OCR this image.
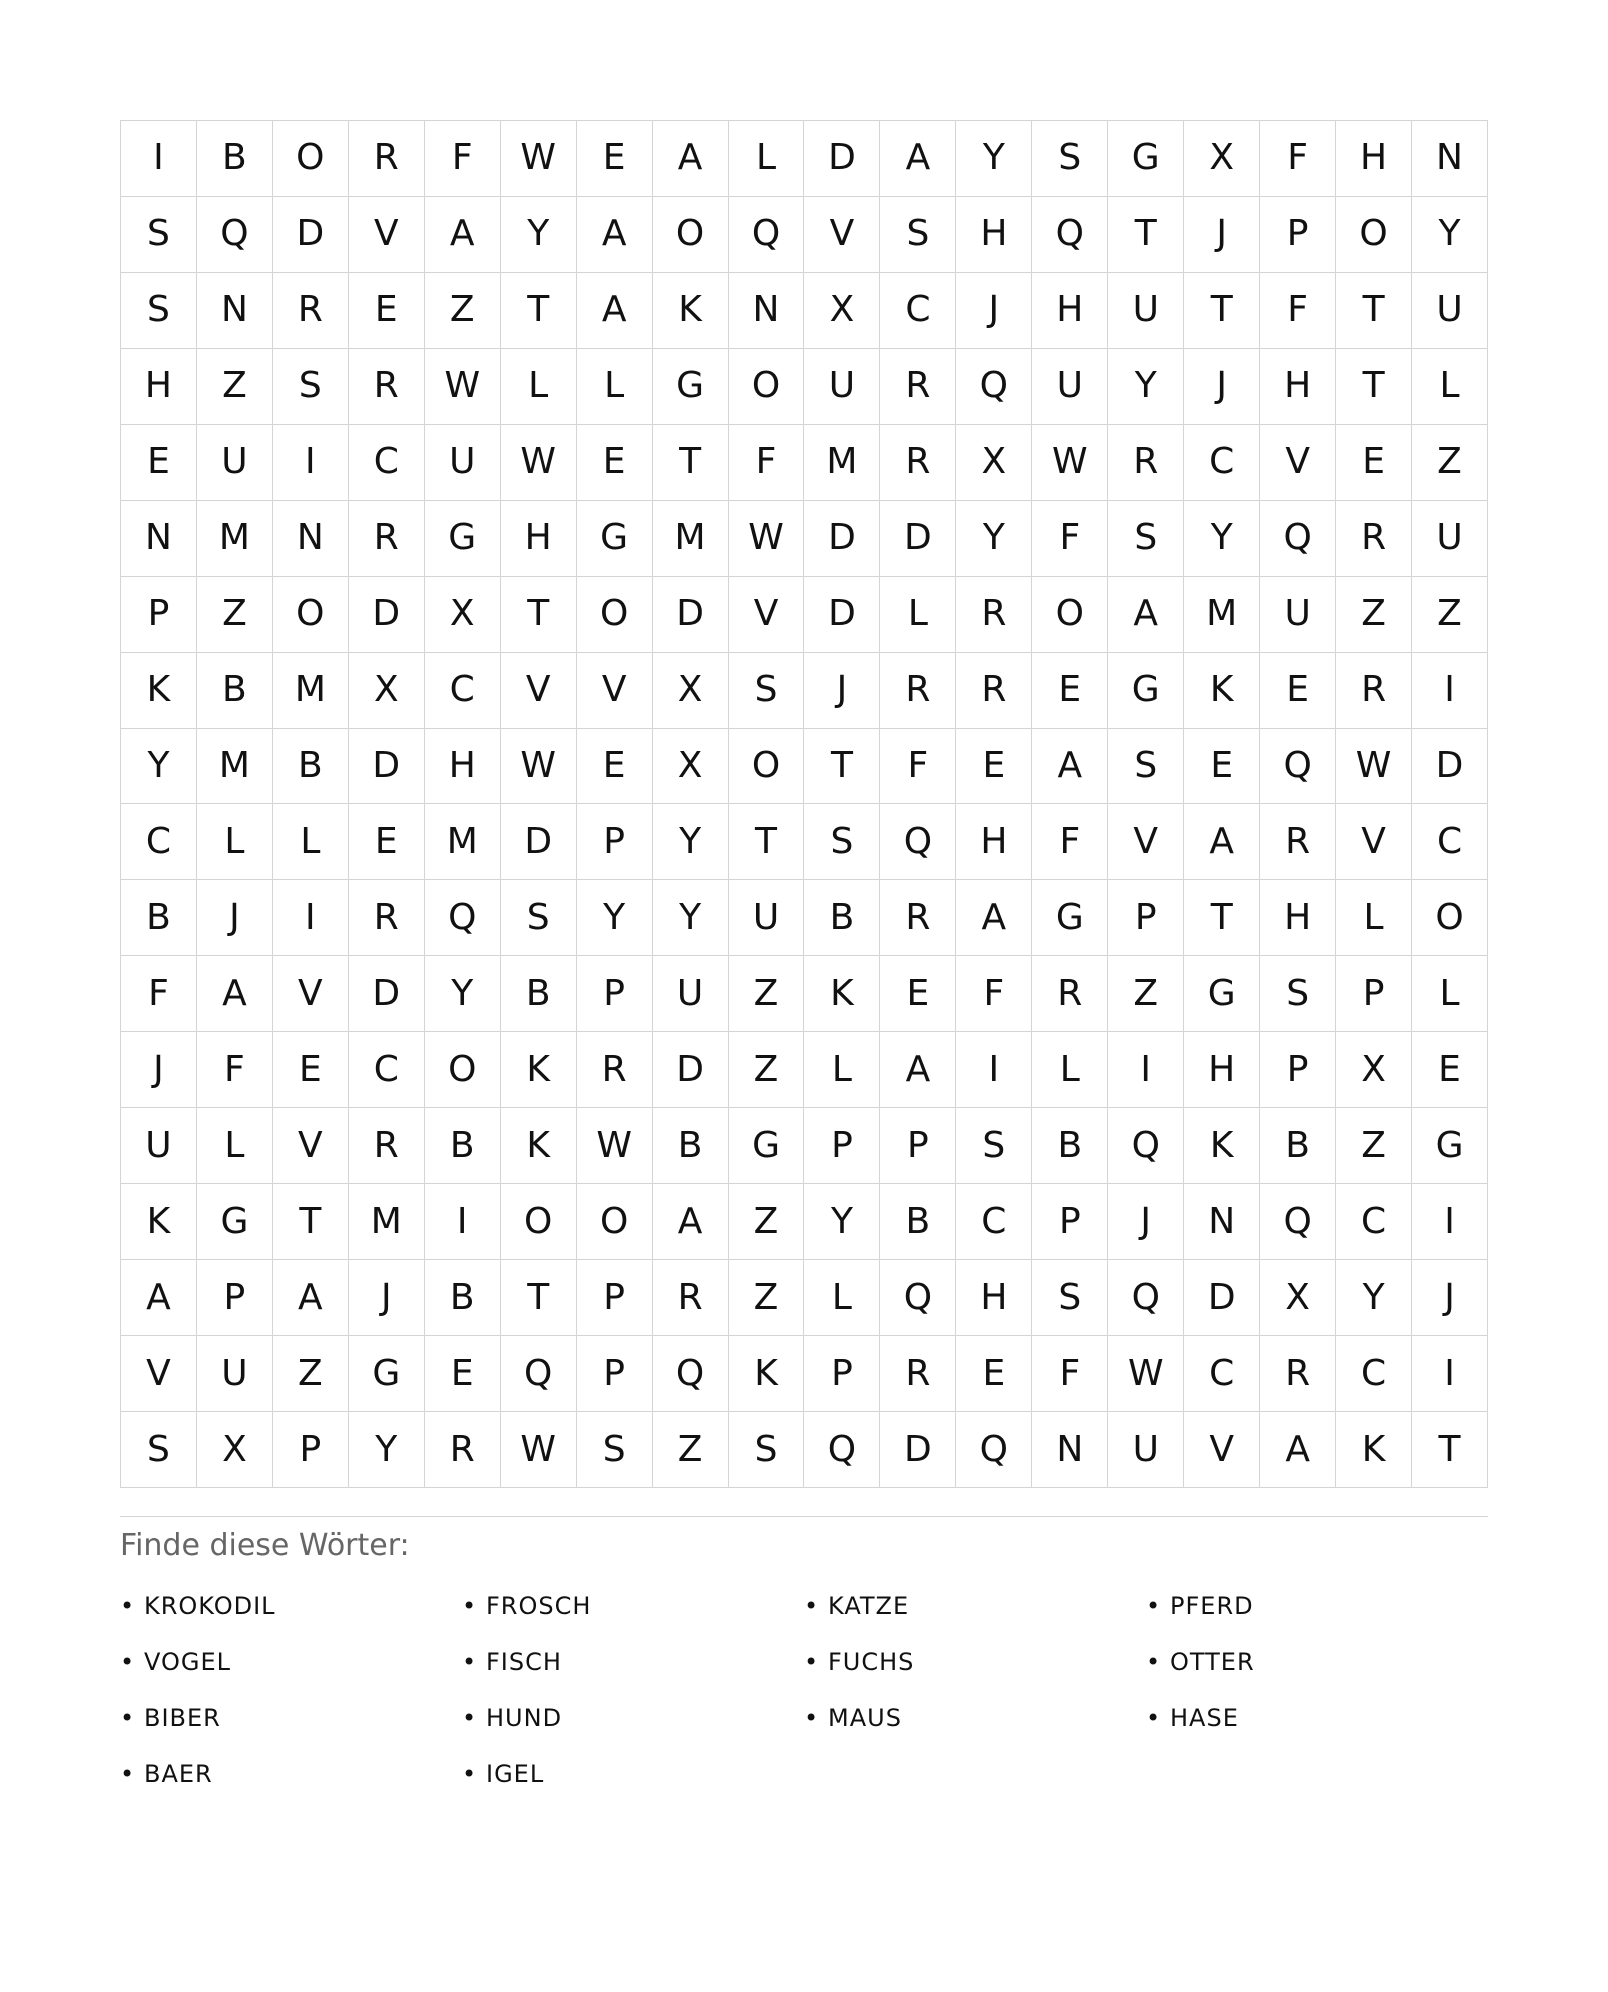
I	B	O	R	F	W	E	A	L	D	A	Y	S	G	X	F	H	N
S	Q	D	V	A	Y	A	O	Q	V	S	H	Q	T	J	P	O	Y
S	N	R	E	Z	T	A	K	N	X	C	J	H	U	T	F	T	U
H	Z	S	R	W	L	L	G	O	U	R	Q	U	Y	J	H	T	L
E	U	I	C	U	W	E	T	F	M	R	X	W	R	C	V	E	Z
N	M	N	R	G	H	G	M	W	D	D	Y	F	S	Y	Q	R	U
P	Z	O	D	X	T	O	D	V	D	L	R	O	A	M	U	Z	Z
K	B	M	X	C	V	V	X	S	J	R	R	E	G	K	E	R	I
Y	M	B	D	H	W	E	X	O	T	F	E	A	S	E	Q	W	D
C	L	L	E	M	D	P	Y	T	S	Q	H	F	V	A	R	V	C
B	J	I	R	Q	S	Y	Y	U	B	R	A	G	P	T	H	L	O
F	A	V	D	Y	B	P	U	Z	K	E	F	R	Z	G	S	P	L
J	F	E	C	O	K	R	D	Z	L	A	I	L	I	H	P	X	E
U	L	V	R	B	K	W	B	G	P	P	S	B	Q	K	B	Z	G
K	G	T	M	I	O	O	A	Z	Y	B	C	P	J	N	Q	C	I
A	P	A	J	B	T	P	R	Z	L	Q	H	S	Q	D	X	Y	J
V	U	Z	G	E	Q	P	Q	K	P	R	E	F	W	C	R	C	I
S	X	P	Y	R	W	S	Z	S	Q	D	Q	N	U	V	A	K	T
Finde diese Wörter:
• KROKODIL	• FROSCH	• KATZE	• PFERD
• VOGEL	• FISCH	• FUCHS	• OTTER
• BIBER	• HUND	• MAUS	• HASE
• BAER	• IGEL
